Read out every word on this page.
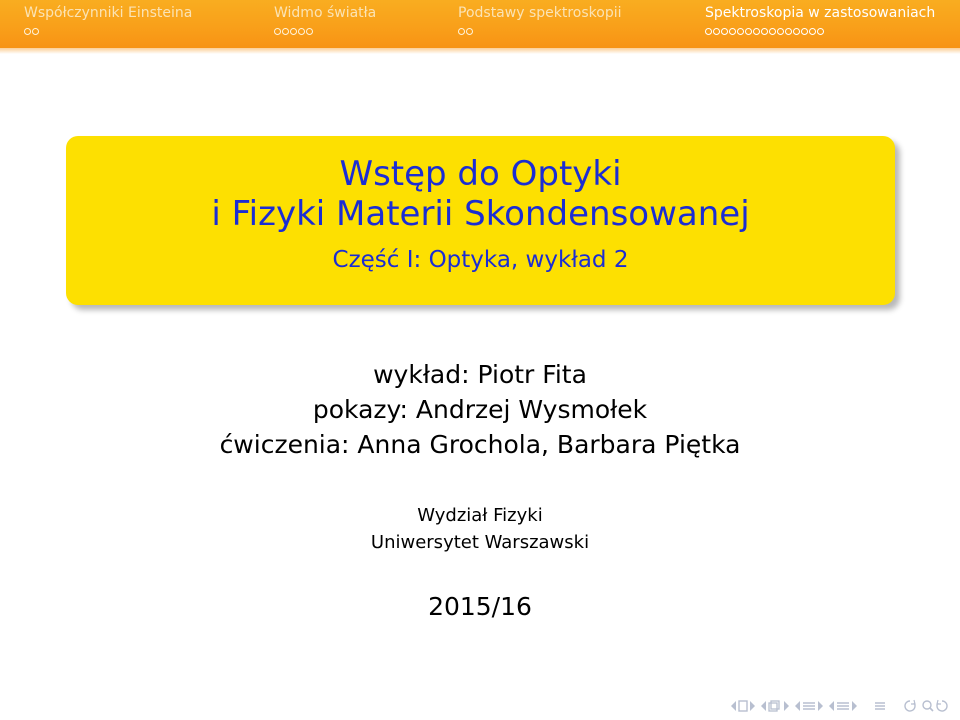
Współczynniki Einsteina	Widmo światła	Podstawy spektroskopii	Spektroskopia w zastosowaniach
Wstęp do Optyki
i Fizyki Materii Skondensowanej
Część I: Optyka, wykład 2
wykład: Piotr Fita
pokazy: Andrzej Wysmołek
ćwiczenia: Anna Grochola, Barbara Piętka
Wydział Fizyki
Uniwersytet Warszawski
2015/16
